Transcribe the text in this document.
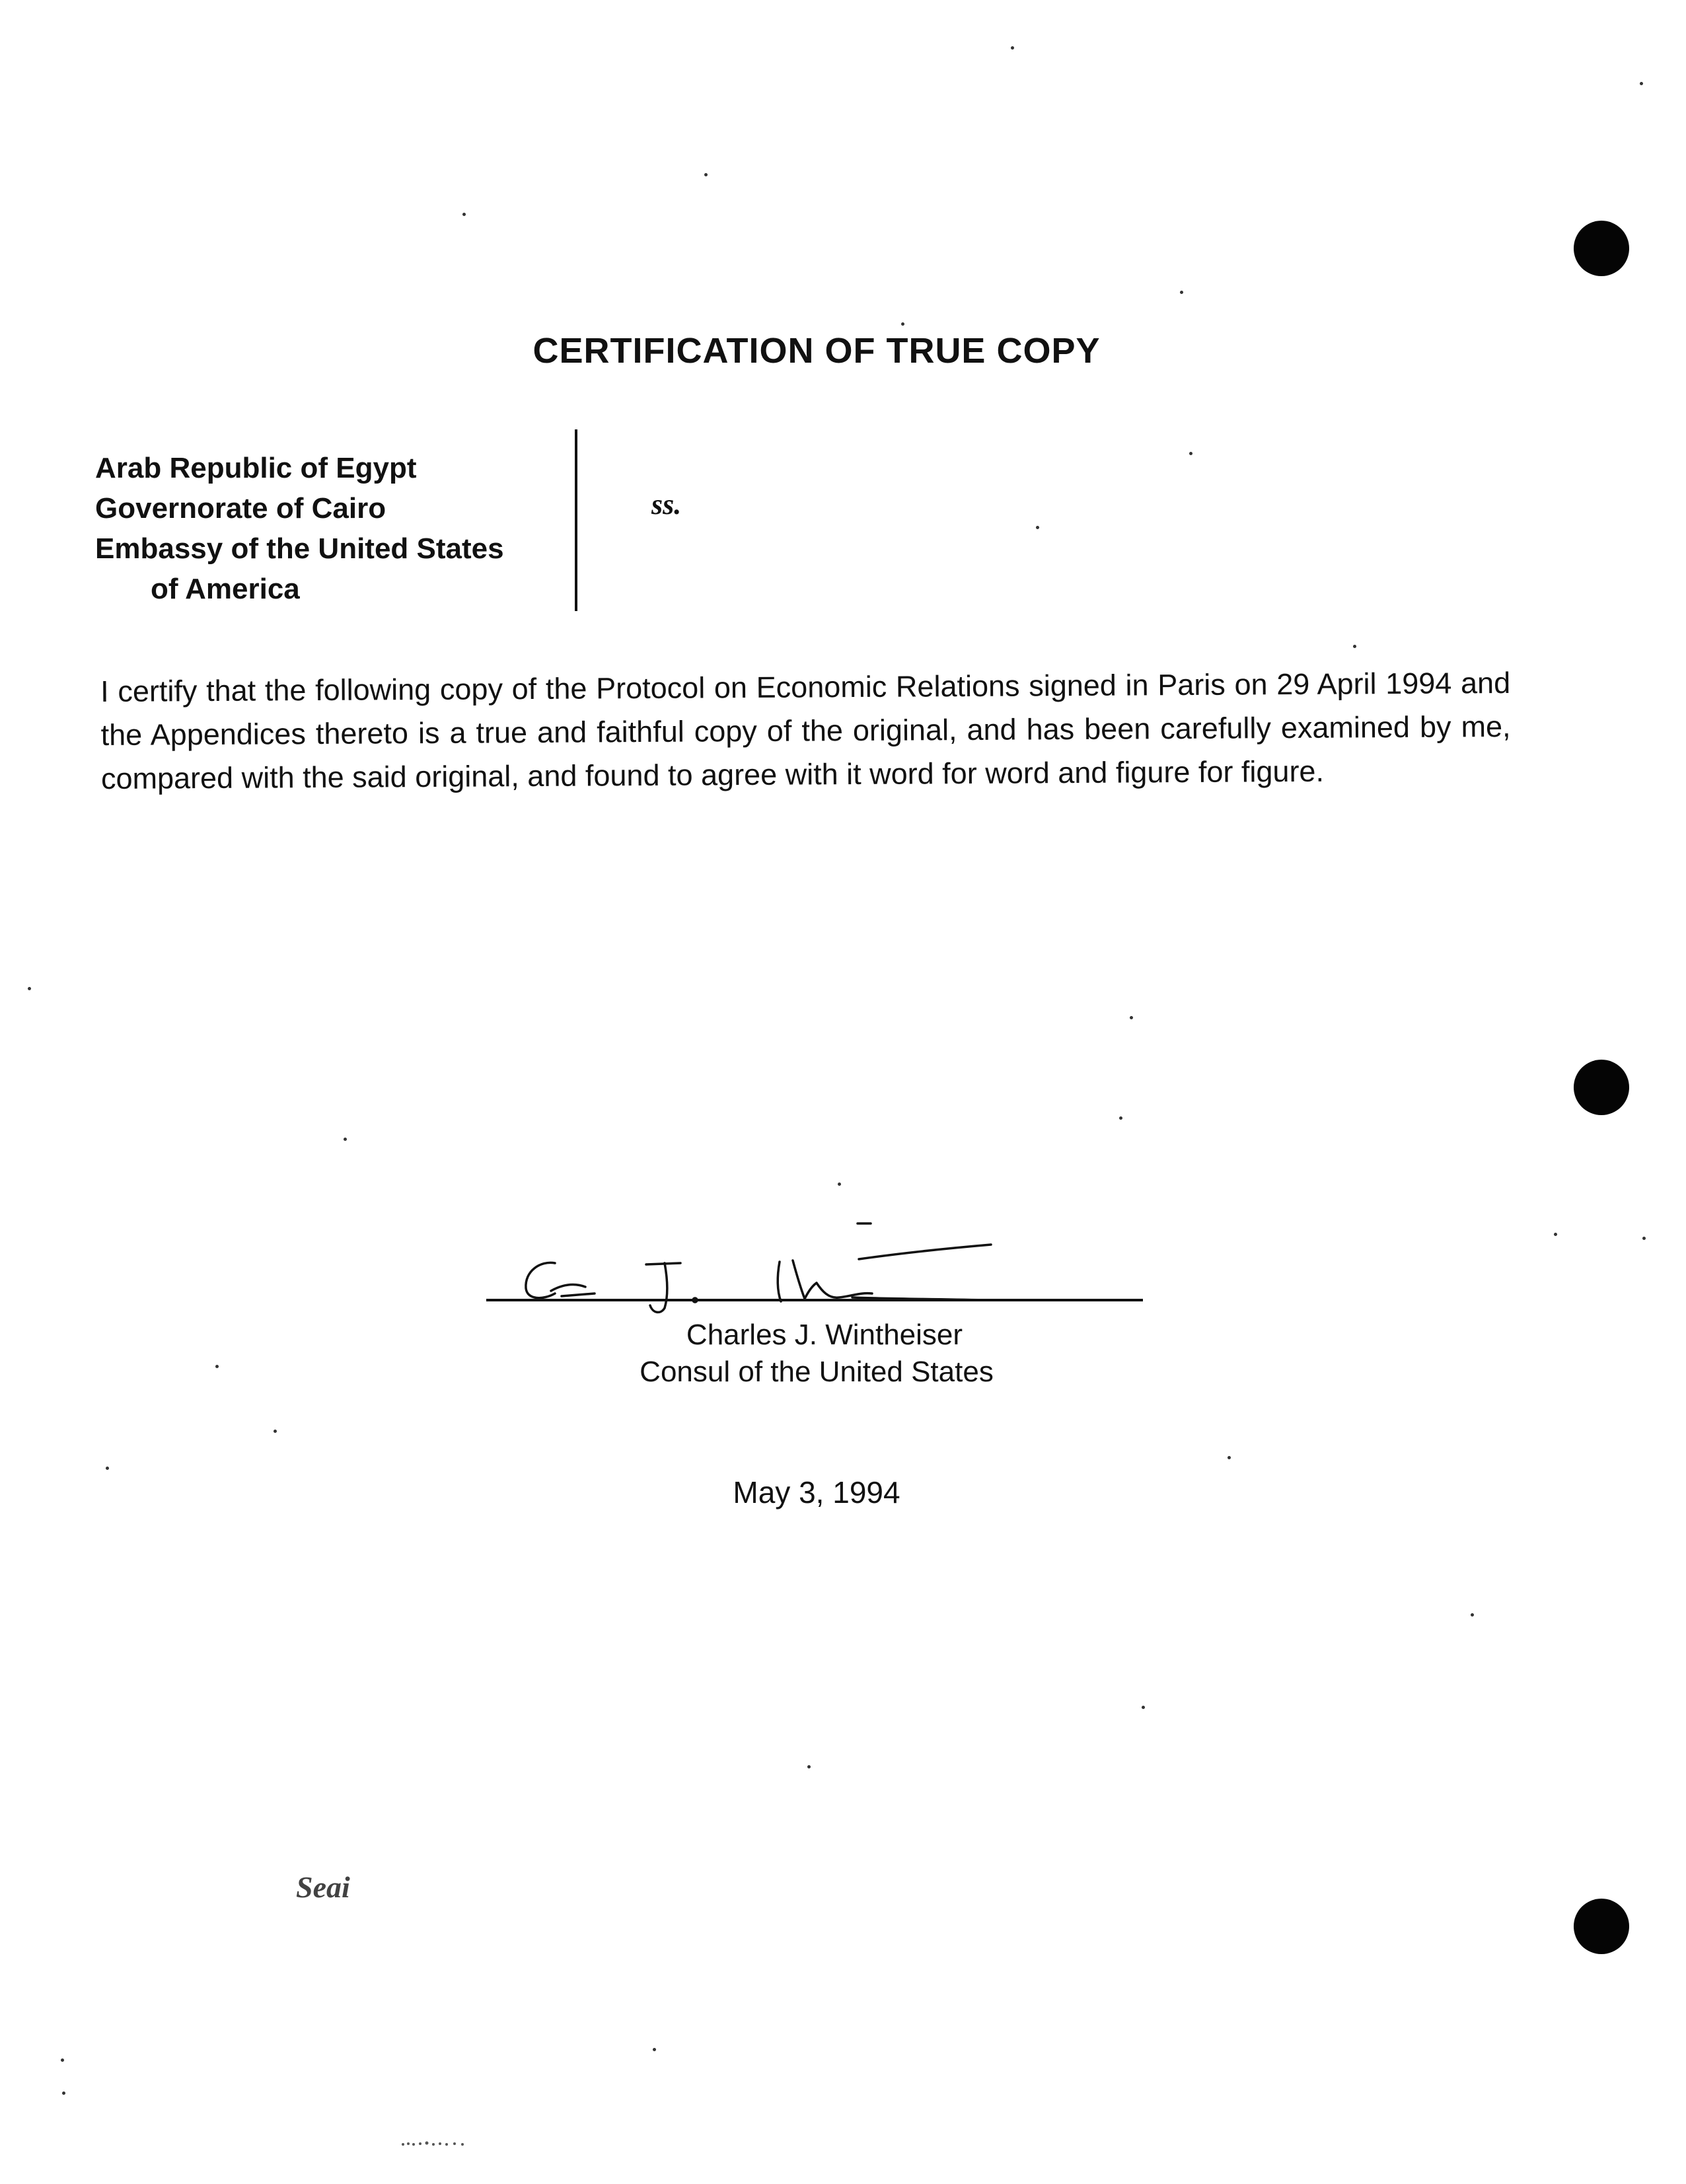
CERTIFICATION OF TRUE COPY
Arab Republic of Egypt
Governorate of Cairo
Embassy of the United States
of America
ss.
I certify that the following copy of the Protocol on Economic Relations signed in Paris on 29 April 1994 and the Appendices thereto is a true and faithful copy of the original, and has been carefully examined by me, compared with the said original, and found to agree with it word for word and figure for figure.
Charles J. Wintheiser
Consul of the United States
May 3, 1994
Seai
